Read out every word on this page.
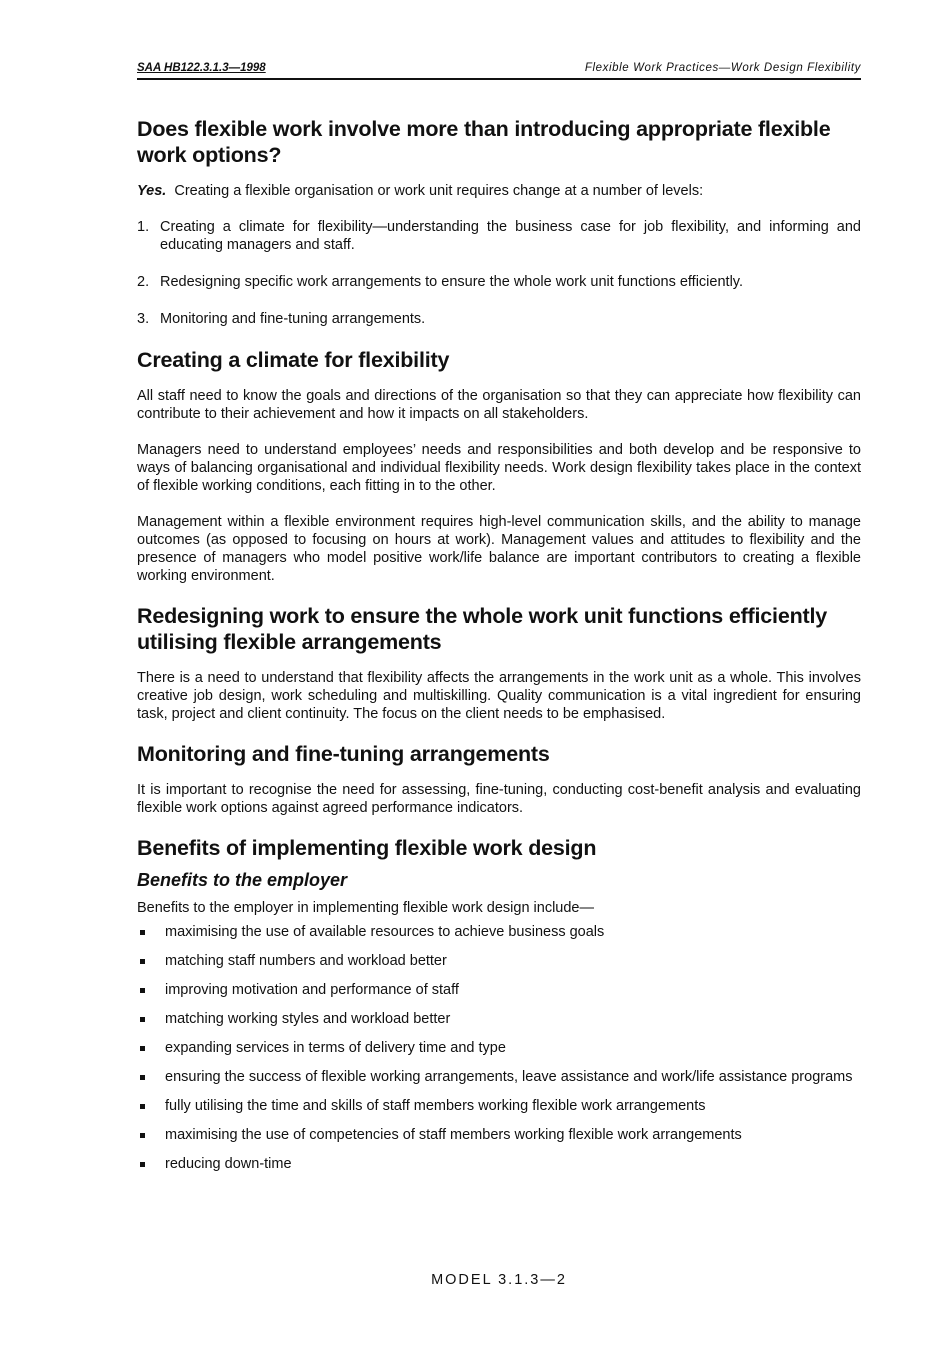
SAA HB122.3.1.3—1998	Flexible Work Practices—Work Design Flexibility
Does flexible work involve more than introducing appropriate flexible work options?

Yes. Creating a flexible organisation or work unit requires change at a number of levels:

1. Creating a climate for flexibility—understanding the business case for job flexibility, and informing and educating managers and staff.
2. Redesigning specific work arrangements to ensure the whole work unit functions efficiently.
3. Monitoring and fine-tuning arrangements.
Creating a climate for flexibility

All staff need to know the goals and directions of the organisation so that they can appreciate how flexibility can contribute to their achievement and how it impacts on all stakeholders.

Managers need to understand employees’ needs and responsibilities and both develop and be responsive to ways of balancing organisational and individual flexibility needs. Work design flexibility takes place in the context of flexible working conditions, each fitting in to the other.

Management within a flexible environment requires high-level communication skills, and the ability to manage outcomes (as opposed to focusing on hours at work). Management values and attitudes to flexibility and the presence of managers who model positive work/life balance are important contributors to creating a flexible working environment.

Redesigning work to ensure the whole work unit functions efficiently utilising flexible arrangements

There is a need to understand that flexibility affects the arrangements in the work unit as a whole. This involves creative job design, work scheduling and multiskilling. Quality communication is a vital ingredient for ensuring task, project and client continuity. The focus on the client needs to be emphasised.

Monitoring and fine-tuning arrangements

It is important to recognise the need for assessing, fine-tuning, conducting cost-benefit analysis and evaluating flexible work options against agreed performance indicators.

Benefits of implementing flexible work design
Benefits to the employer

Benefits to the employer in implementing flexible work design include—

maximising the use of available resources to achieve business goals
matching staff numbers and workload better
improving motivation and performance of staff
matching working styles and workload better
expanding services in terms of delivery time and type
ensuring the success of flexible working arrangements, leave assistance and work/life assistance programs
fully utilising the time and skills of staff members working flexible work arrangements
maximising the use of competencies of staff members working flexible work arrangements
reducing down-time
MODEL 3.1.3—2
